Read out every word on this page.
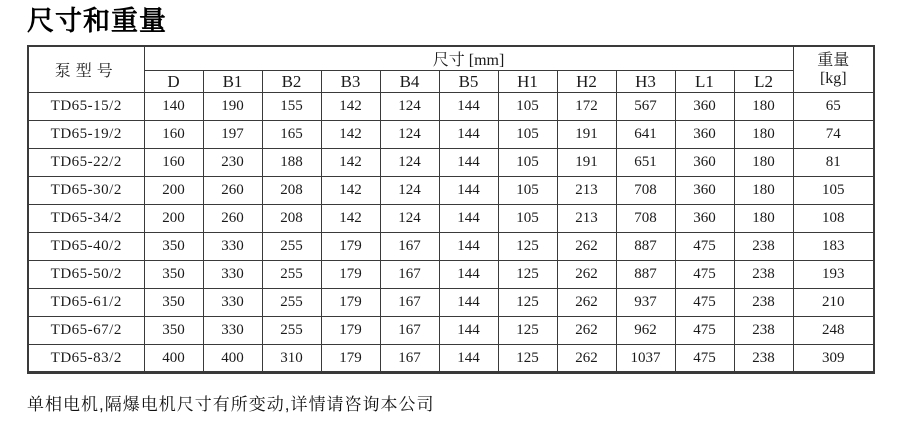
尺寸和重量
泵型号	尺寸 [mm]											重量
[kg]

	D	B1	B2	B3	B4	B5	H1	H2	H3	L1	L2	
TD65-15/2	140	190	155	142	124	144	105	172	567	360	180	65
TD65-19/2	160	197	165	142	124	144	105	191	641	360	180	74
TD65-22/2	160	230	188	142	124	144	105	191	651	360	180	81
TD65-30/2	200	260	208	142	124	144	105	213	708	360	180	105
TD65-34/2	200	260	208	142	124	144	105	213	708	360	180	108
TD65-40/2	350	330	255	179	167	144	125	262	887	475	238	183
TD65-50/2	350	330	255	179	167	144	125	262	887	475	238	193
TD65-61/2	350	330	255	179	167	144	125	262	937	475	238	210
TD65-67/2	350	330	255	179	167	144	125	262	962	475	238	248
TD65-83/2	400	400	310	179	167	144	125	262	1037	475	238	309
单相电机,隔爆电机尺寸有所变动,详情请咨询本公司
